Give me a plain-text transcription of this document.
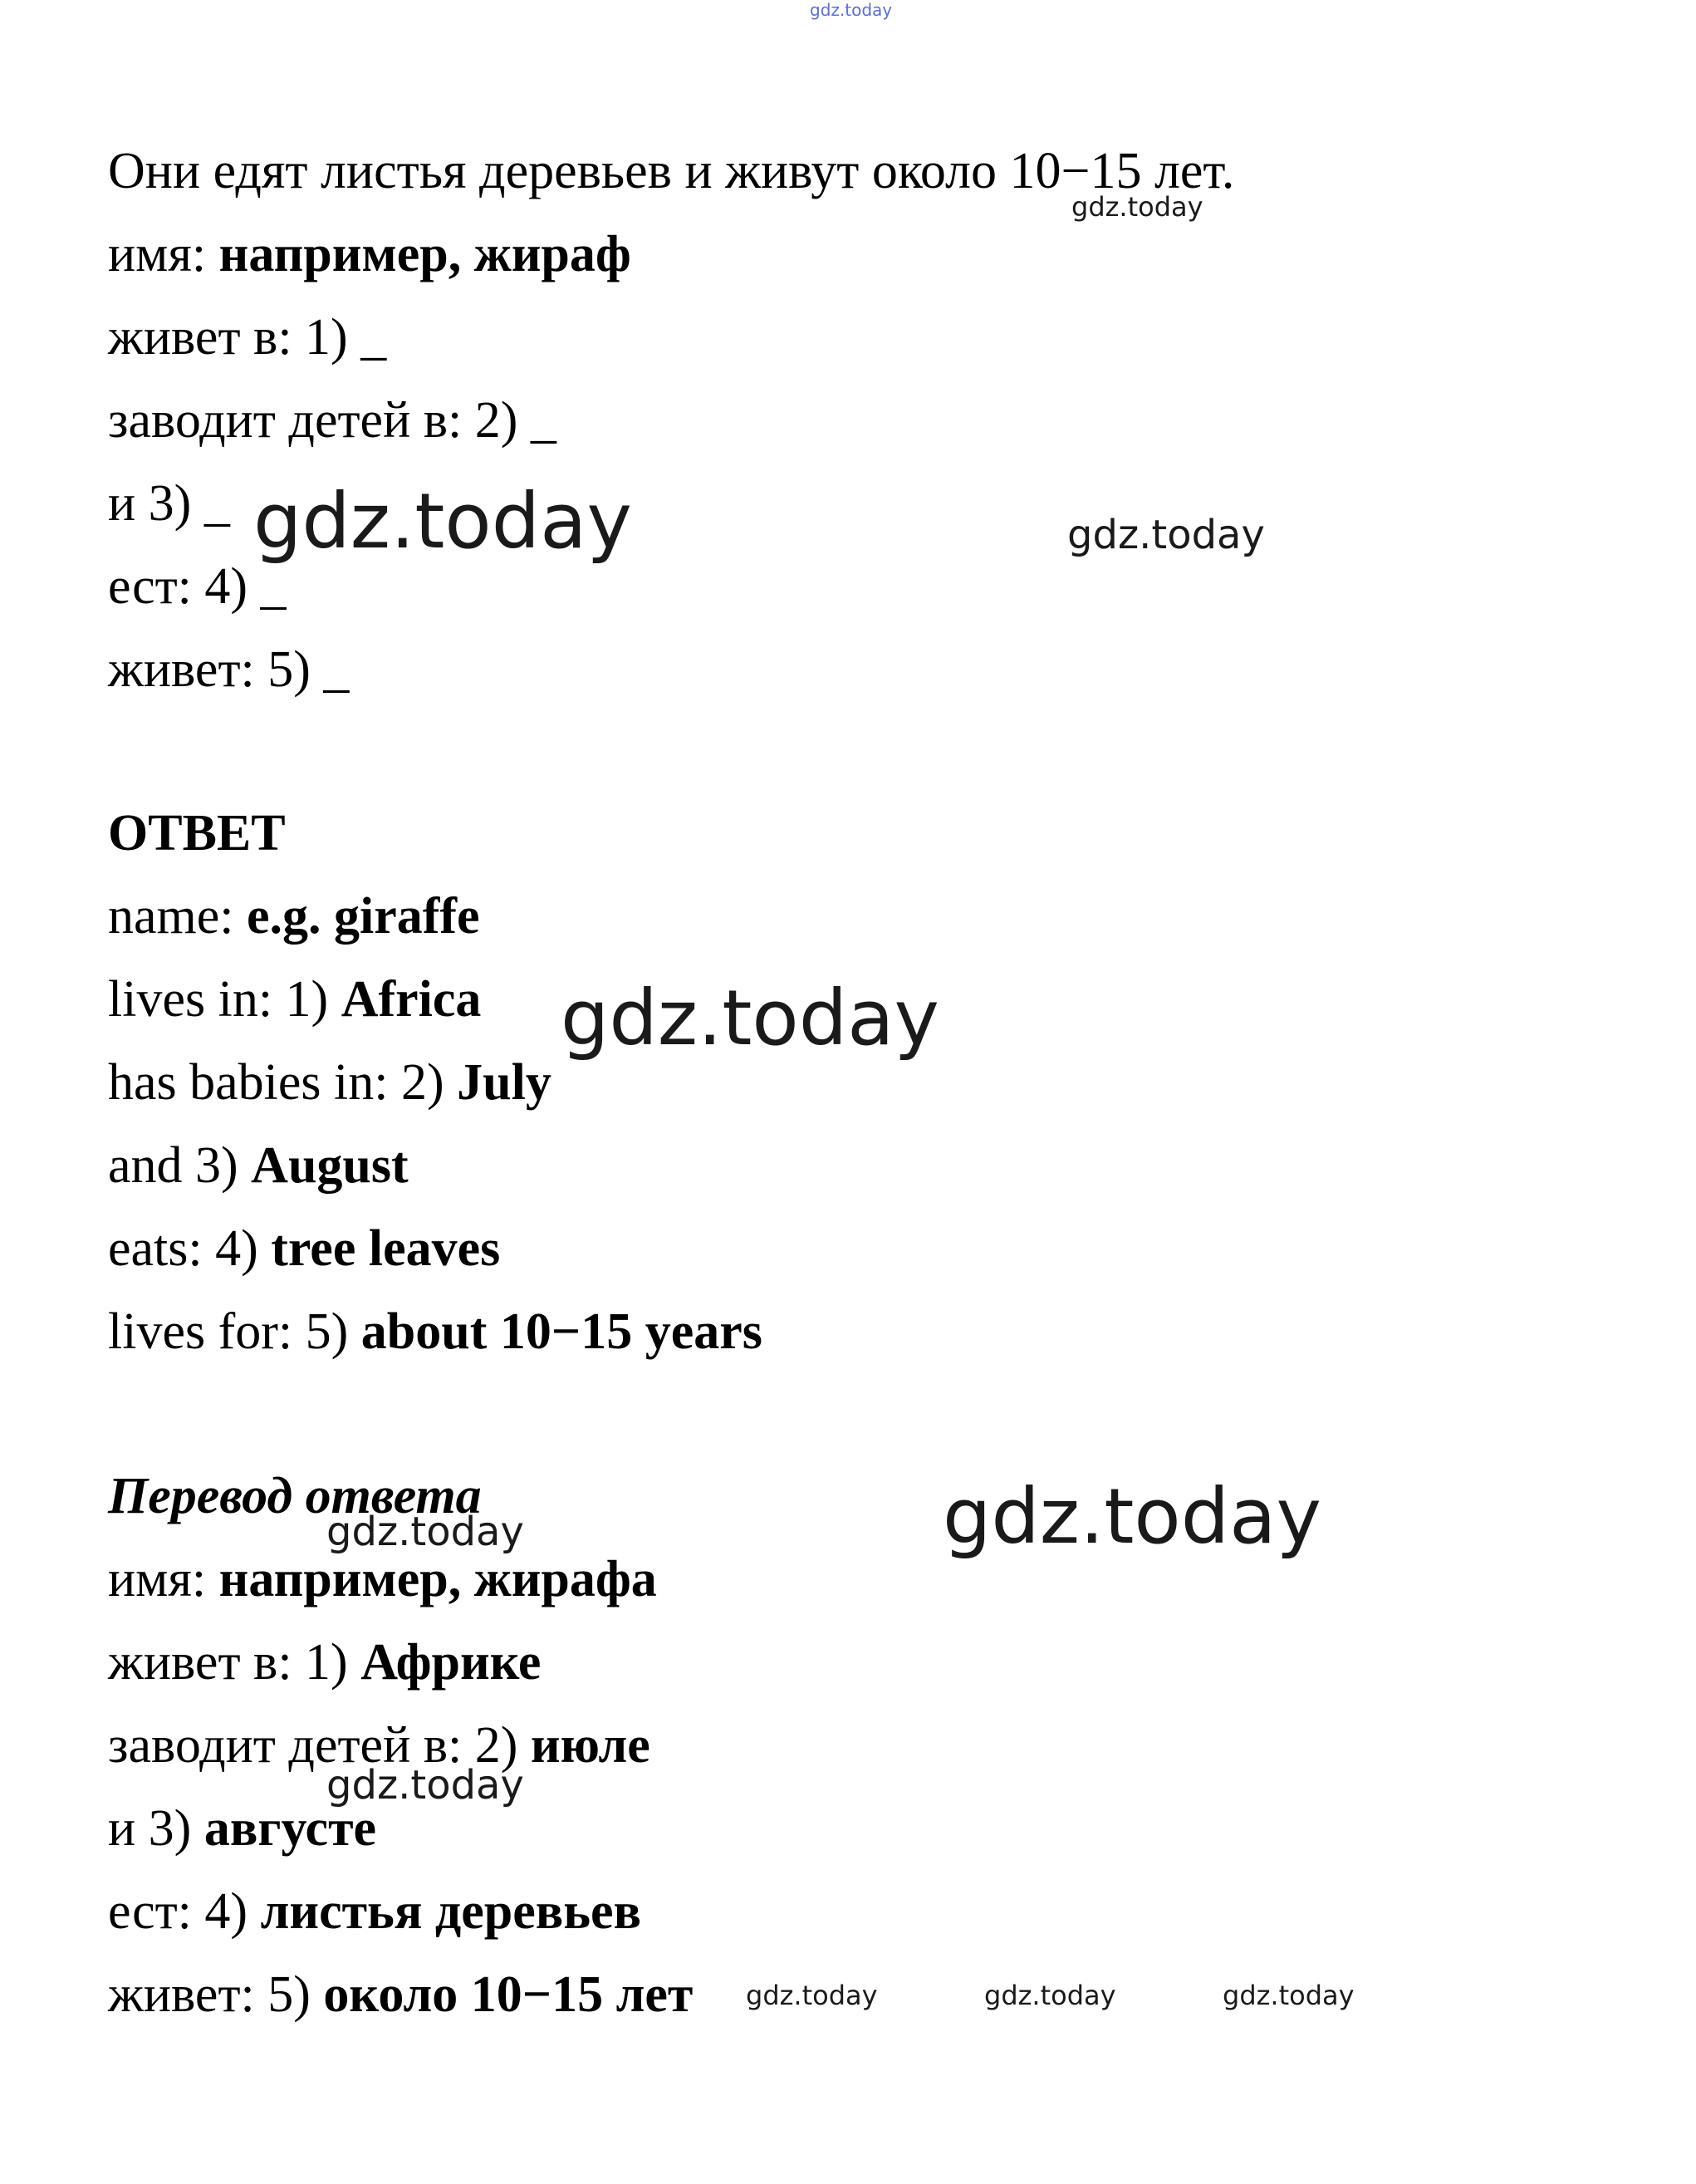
gdz.today
gdz.today
gdz.today	gdz.today
gdz.today
gdz.today
gdz.today
gdz.today
gdz.today	gdz.today	gdz.today
Они едят листья деревьев и живут около 10−15 лет.
имя: например, жираф
живет в: 1) _
заводит детей в: 2) _
и 3) _
ест: 4) _
живет: 5) _
ОТВЕТ
name: e.g. giraffe
lives in: 1) Africa
has babies in: 2) July
and 3) August
eats: 4) tree leaves
lives for: 5) about 10−15 years
Перевод ответа
имя: например, жирафа
живет в: 1) Африке
заводит детей в: 2) июле
и 3) августе
ест: 4) листья деревьев
живет: 5) около 10−15 лет
